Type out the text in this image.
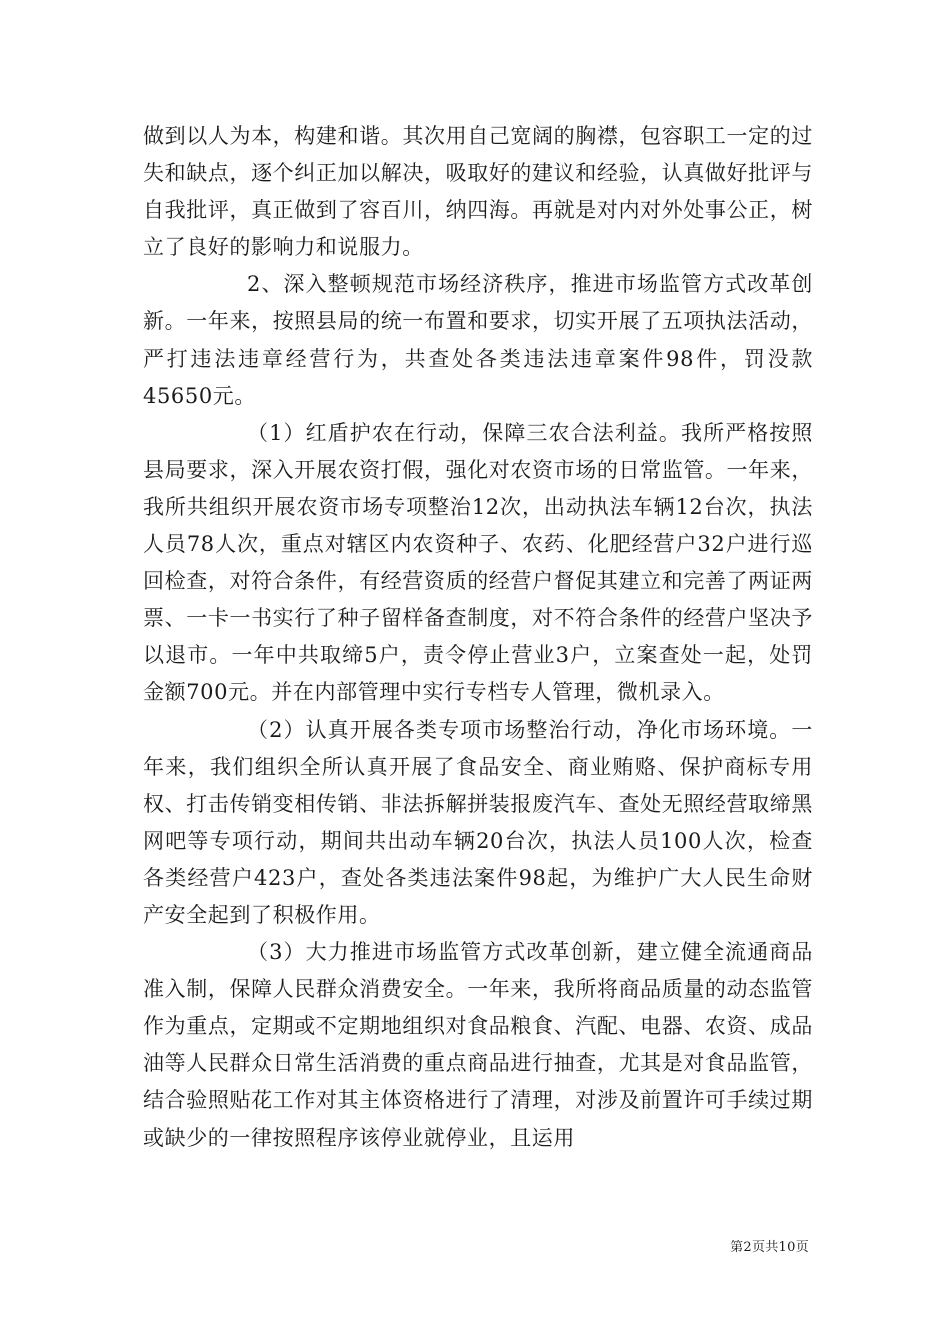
做到以人为本，构建和谐。其次用自己宽阔的胸襟，包容职工一定的过失和缺点，逐个纠正加以解决，吸取好的建议和经验，认真做好批评与自我批评，真正做到了容百川，纳四海。再就是对内对外处事公正，树立了良好的影响力和说服力。

2、深入整顿规范市场经济秩序，推进市场监管方式改革创新。一年来，按照县局的统一布置和要求，切实开展了五项执法活动，严打违法违章经营行为，共查处各类违法违章案件98件，罚没款45650元。

（1）红盾护农在行动，保障三农合法利益。我所严格按照县局要求，深入开展农资打假，强化对农资市场的日常监管。一年来，我所共组织开展农资市场专项整治12次，出动执法车辆12台次，执法人员78人次，重点对辖区内农资种子、农药、化肥经营户32户进行巡回检查，对符合条件，有经营资质的经营户督促其建立和完善了两证两票、一卡一书实行了种子留样备查制度，对不符合条件的经营户坚决予以退市。一年中共取缔5户，责令停止营业3户，立案查处一起，处罚金额700元。并在内部管理中实行专档专人管理，微机录入。

（2）认真开展各类专项市场整治行动，净化市场环境。一年来，我们组织全所认真开展了食品安全、商业贿赂、保护商标专用权、打击传销变相传销、非法拆解拼装报废汽车、查处无照经营取缔黑网吧等专项行动，期间共出动车辆20台次，执法人员100人次，检查各类经营户423户，查处各类违法案件98起，为维护广大人民生命财产安全起到了积极作用。

（3）大力推进市场监管方式改革创新，建立健全流通商品准入制，保障人民群众消费安全。一年来，我所将商品质量的动态监管作为重点，定期或不定期地组织对食品粮食、汽配、电器、农资、成品油等人民群众日常生活消费的重点商品进行抽查，尤其是对食品监管，结合验照贴花工作对其主体资格进行了清理，对涉及前置许可手续过期或缺少的一律按照程序该停业就停业，且运用

第2页共10页
